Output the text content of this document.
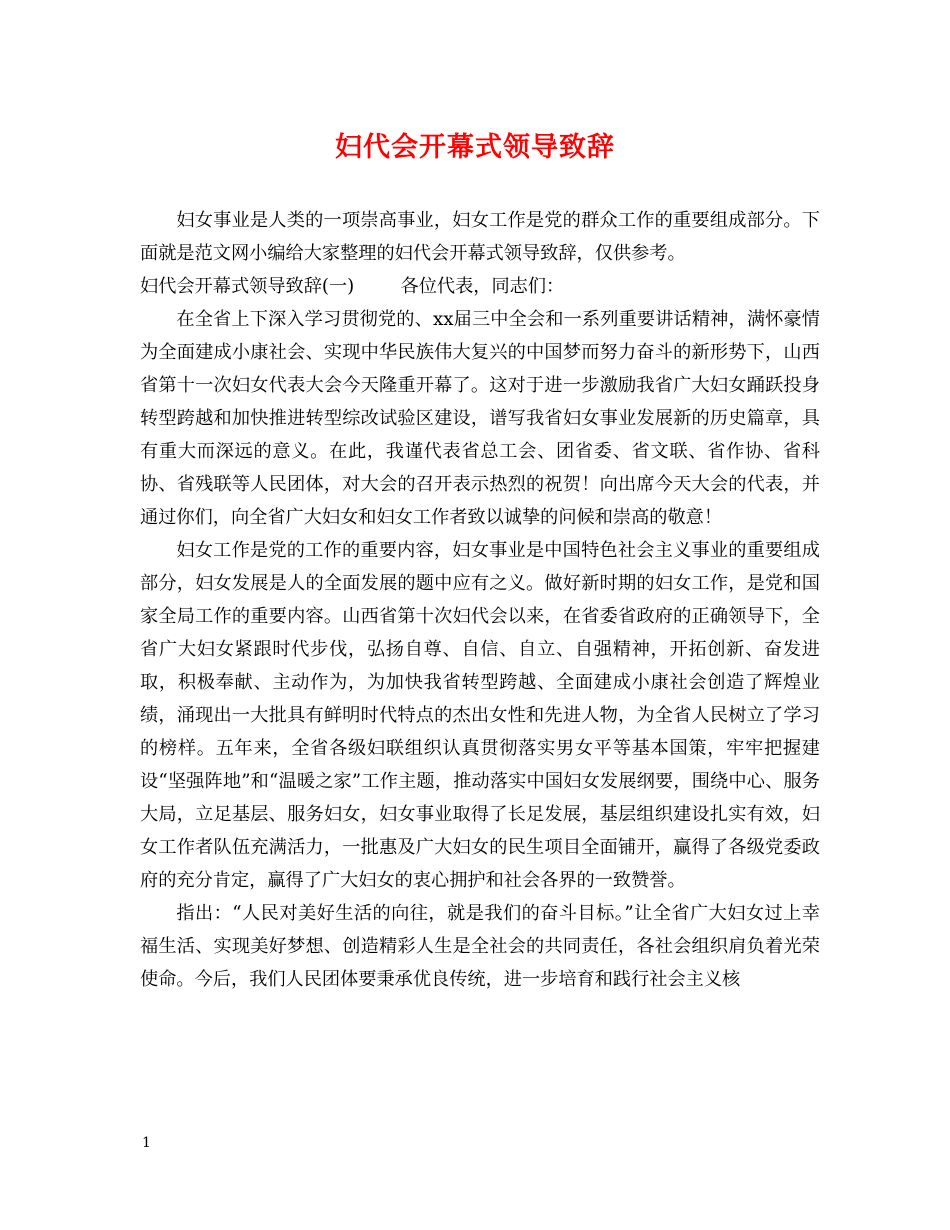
妇代会开幕式领导致辞

妇女事业是人类的一项崇高事业，妇女工作是党的群众工作的重要组成部分。下面就是范文网小编给大家整理的妇代会开幕式领导致辞，仅供参考。

妇代会开幕式领导致辞(一)	各位代表，同志们：

在全省上下深入学习贯彻党的、xx届三中全会和一系列重要讲话精神，满怀豪情为全面建成小康社会、实现中华民族伟大复兴的中国梦而努力奋斗的新形势下，山西省第十一次妇女代表大会今天隆重开幕了。这对于进一步激励我省广大妇女踊跃投身转型跨越和加快推进转型综改试验区建设，谱写我省妇女事业发展新的历史篇章，具有重大而深远的意义。在此，我谨代表省总工会、团省委、省文联、省作协、省科协、省残联等人民团体，对大会的召开表示热烈的祝贺！向出席今天大会的代表，并通过你们，向全省广大妇女和妇女工作者致以诚挚的问候和崇高的敬意！

妇女工作是党的工作的重要内容，妇女事业是中国特色社会主义事业的重要组成部分，妇女发展是人的全面发展的题中应有之义。做好新时期的妇女工作，是党和国家全局工作的重要内容。山西省第十次妇代会以来，在省委省政府的正确领导下，全省广大妇女紧跟时代步伐，弘扬自尊、自信、自立、自强精神，开拓创新、奋发进取，积极奉献、主动作为，为加快我省转型跨越、全面建成小康社会创造了辉煌业绩，涌现出一大批具有鲜明时代特点的杰出女性和先进人物，为全省人民树立了学习的榜样。五年来，全省各级妇联组织认真贯彻落实男女平等基本国策，牢牢把握建设“坚强阵地”和“温暖之家”工作主题，推动落实中国妇女发展纲要，围绕中心、服务大局，立足基层、服务妇女，妇女事业取得了长足发展，基层组织建设扎实有效，妇女工作者队伍充满活力，一批惠及广大妇女的民生项目全面铺开，赢得了各级党委政府的充分肯定，赢得了广大妇女的衷心拥护和社会各界的一致赞誉。

指出：“人民对美好生活的向往，就是我们的奋斗目标。”让全省广大妇女过上幸福生活、实现美好梦想、创造精彩人生是全社会的共同责任，各社会组织肩负着光荣使命。今后，我们人民团体要秉承优良传统，进一步培育和践行社会主义核

1
